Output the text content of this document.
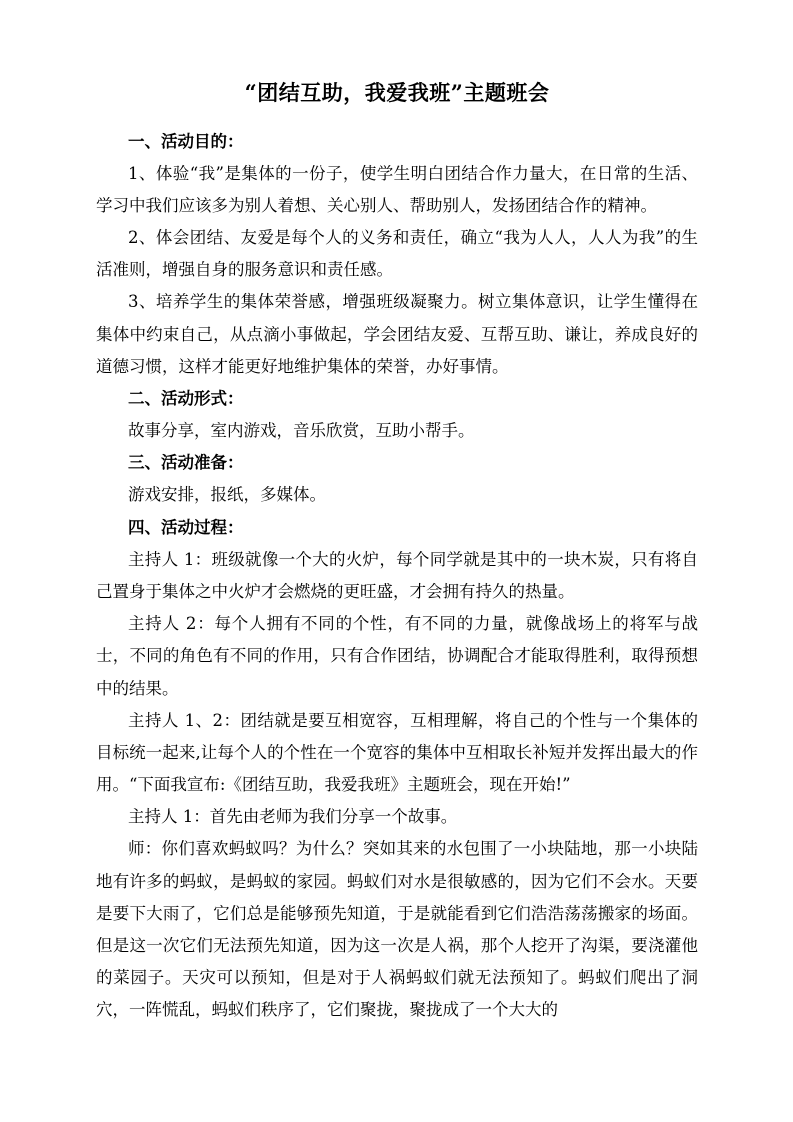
“团结互助，我爱我班”主题班会

一、活动目的：

1、体验“我”是集体的一份子，使学生明白团结合作力量大，在日常的生活、学习中我们应该多为别人着想、关心别人、帮助别人，发扬团结合作的精神。

2、体会团结、友爱是每个人的义务和责任，确立“我为人人，人人为我”的生活准则，增强自身的服务意识和责任感。

3、培养学生的集体荣誉感，增强班级凝聚力。树立集体意识，让学生懂得在集体中约束自己，从点滴小事做起，学会团结友爱、互帮互助、谦让，养成良好的道德习惯，这样才能更好地维护集体的荣誉，办好事情。

二、活动形式：

故事分享，室内游戏，音乐欣赏，互助小帮手。

三、活动准备：

游戏安排，报纸，多媒体。

四、活动过程：

主持人 1：班级就像一个大的火炉，每个同学就是其中的一块木炭，只有将自己置身于集体之中火炉才会燃烧的更旺盛，才会拥有持久的热量。

主持人 2：每个人拥有不同的个性，有不同的力量，就像战场上的将军与战士，不同的角色有不同的作用，只有合作团结，协调配合才能取得胜利，取得预想中的结果。

主持人 1、2：团结就是要互相宽容，互相理解，将自己的个性与一个集体的目标统一起来,让每个人的个性在一个宽容的集体中互相取长补短并发挥出最大的作用。“下面我宣布:《团结互助，我爱我班》主题班会，现在开始!”

主持人 1：首先由老师为我们分享一个故事。

师：你们喜欢蚂蚁吗？为什么？突如其来的水包围了一小块陆地，那一小块陆地有许多的蚂蚁，是蚂蚁的家园。蚂蚁们对水是很敏感的，因为它们不会水。天要是要下大雨了，它们总是能够预先知道，于是就能看到它们浩浩荡荡搬家的场面。但是这一次它们无法预先知道，因为这一次是人祸，那个人挖开了沟渠，要浇灌他的菜园子。天灾可以预知，但是对于人祸蚂蚁们就无法预知了。蚂蚁们爬出了洞穴，一阵慌乱，蚂蚁们秩序了，它们聚拢，聚拢成了一个大大的
